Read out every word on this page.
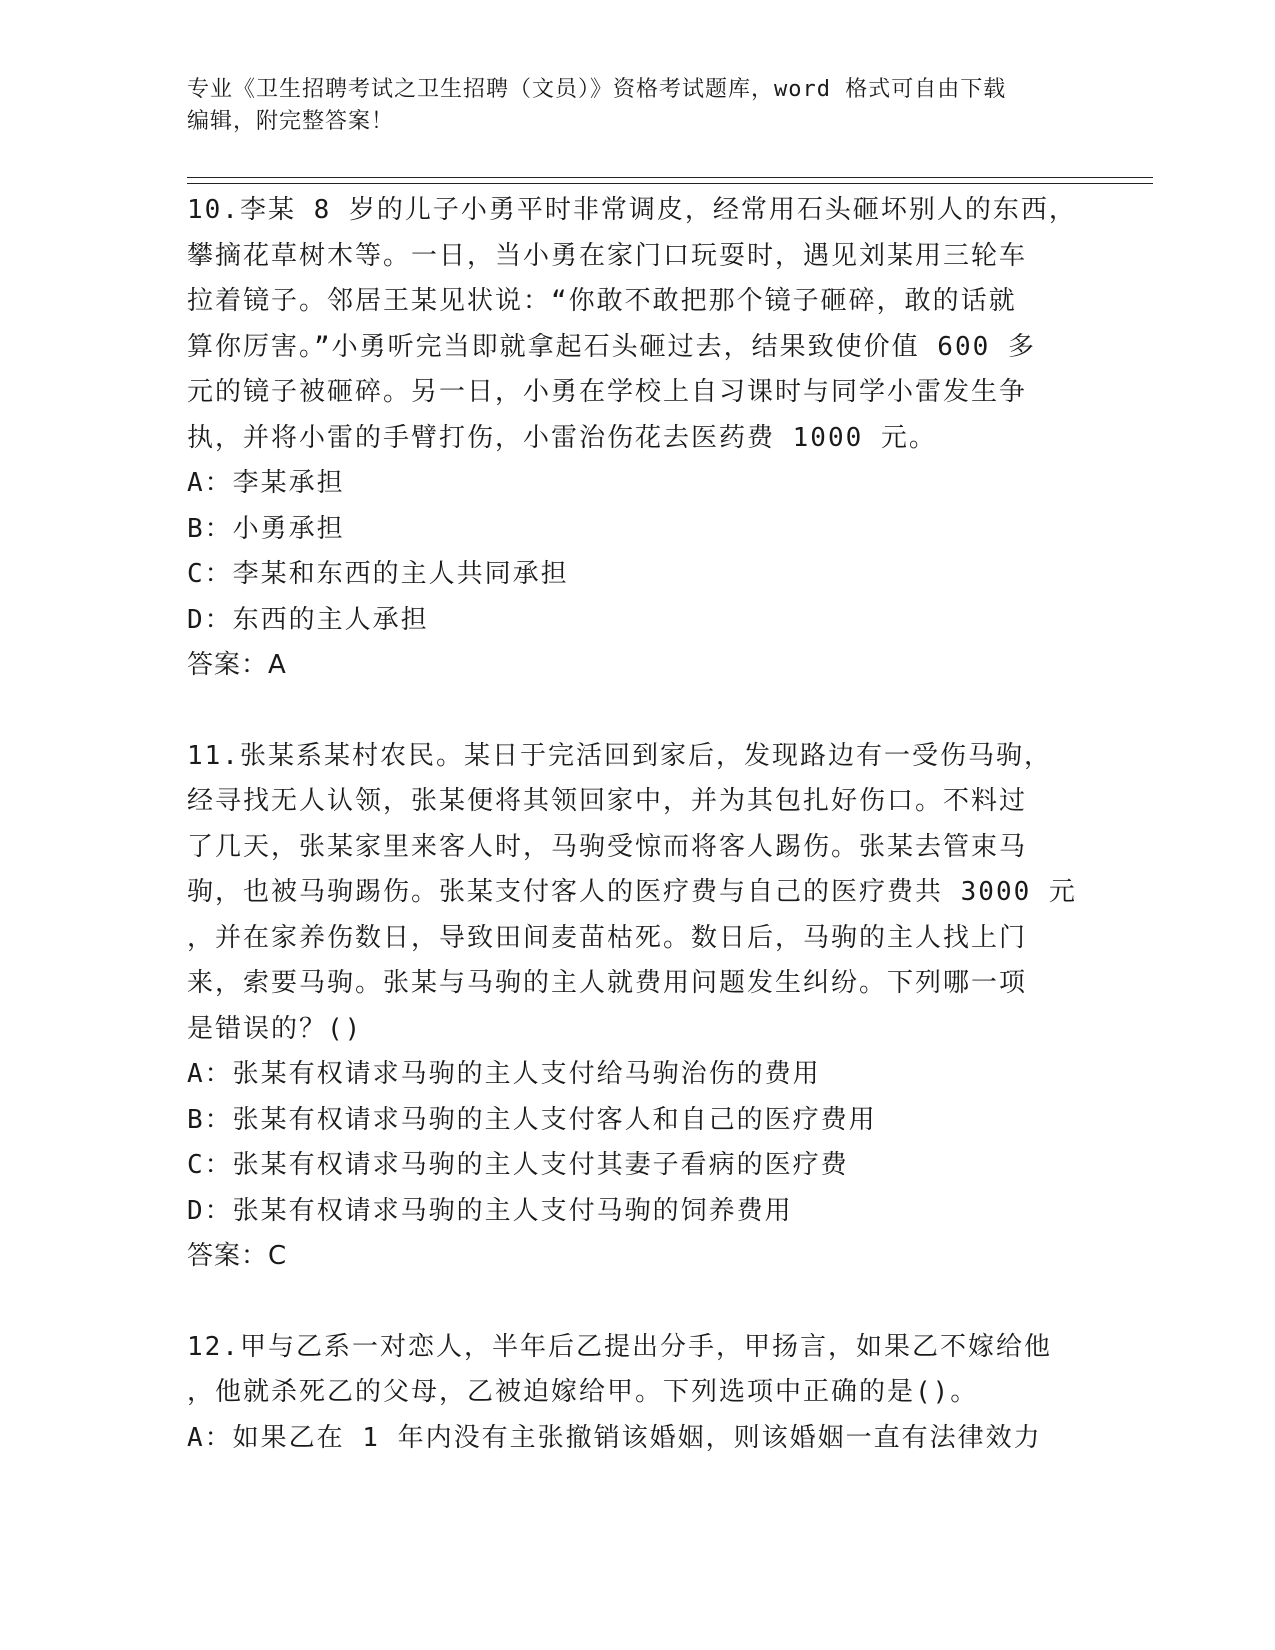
专业《卫生招聘考试之卫生招聘（文员）》资格考试题库，word 格式可自由下载
编辑，附完整答案！

10.李某 8 岁的儿子小勇平时非常调皮，经常用石头砸坏别人的东西，
攀摘花草树木等。一日，当小勇在家门口玩耍时，遇见刘某用三轮车
拉着镜子。邻居王某见状说：“你敢不敢把那个镜子砸碎，敢的话就
算你厉害。”小勇听完当即就拿起石头砸过去，结果致使价值 600 多
元的镜子被砸碎。另一日，小勇在学校上自习课时与同学小雷发生争
执，并将小雷的手臂打伤，小雷治伤花去医药费 1000 元。

A：李某承担
B：小勇承担
C：李某和东西的主人共同承担
D：东西的主人承担
答案：A

11.张某系某村农民。某日于完活回到家后，发现路边有一受伤马驹，
经寻找无人认领，张某便将其领回家中，并为其包扎好伤口。不料过
了几天，张某家里来客人时，马驹受惊而将客人踢伤。张某去管束马
驹，也被马驹踢伤。张某支付客人的医疗费与自己的医疗费共 3000 元
，并在家养伤数日，导致田间麦苗枯死。数日后，马驹的主人找上门
来，索要马驹。张某与马驹的主人就费用问题发生纠纷。下列哪一项
是错误的？()

A：张某有权请求马驹的主人支付给马驹治伤的费用
B：张某有权请求马驹的主人支付客人和自己的医疗费用
C：张某有权请求马驹的主人支付其妻子看病的医疗费
D：张某有权请求马驹的主人支付马驹的饲养费用
答案：C

12.甲与乙系一对恋人，半年后乙提出分手，甲扬言，如果乙不嫁给他
，他就杀死乙的父母，乙被迫嫁给甲。下列选项中正确的是()。

A：如果乙在 1 年内没有主张撤销该婚姻，则该婚姻一直有法律效力
